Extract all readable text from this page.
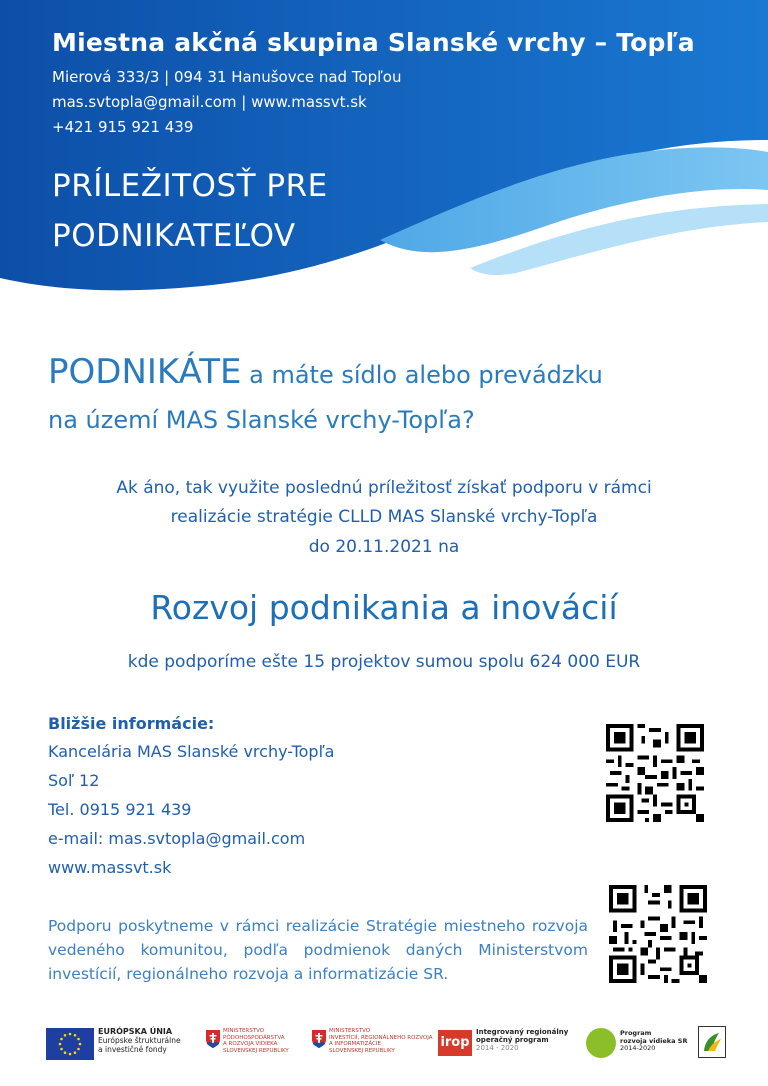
Miestna akčná skupina Slanské vrchy – Topľa
Mierová 333/3 | 094 31 Hanušovce nad Topľou
mas.svtopla@gmail.com | www.massvt.sk
+421 915 921 439
PRÍLEŽITOSŤ PRE
PODNIKATEĽOV
PODNIKÁTE a máte sídlo alebo prevádzku
na území MAS Slanské vrchy-Topľa?
Ak áno, tak využite poslednú príležitosť získať podporu v rámci
realizácie stratégie CLLD MAS Slanské vrchy-Topľa
do 20.11.2021 na
Rozvoj podnikania a inovácií
kde podporíme ešte 15 projektov sumou spolu 624 000 EUR
Bližšie informácie:
Kancelária MAS Slanské vrchy-Topľa
Soľ 12
Tel. 0915 921 439
e-mail: mas.svtopla@gmail.com
www.massvt.sk
Podporu poskytneme v rámci realizácie Stratégie miestneho rozvoja vedeného komunitou, podľa podmienok daných Ministerstvom investícií, regionálneho rozvoja a informatizácie SR.
EURÓPSKA ÚNIA
Európske štrukturálne
a investičné fondy
MINISTERSTVO
PÔDOHOSPODÁRSTVA
A ROZVOJA VIDIEKA
SLOVENSKEJ REPUBLIKY
MINISTERSTVO
INVESTÍCIÍ, REGIONÁLNEHO ROZVOJA
A INFORMATIZÁCIE
SLOVENSKEJ REPUBLIKY
irop
Integrovaný regionálny
operačný program
2014 - 2020
Program
rozvoja vidieka SR
2014-2020
